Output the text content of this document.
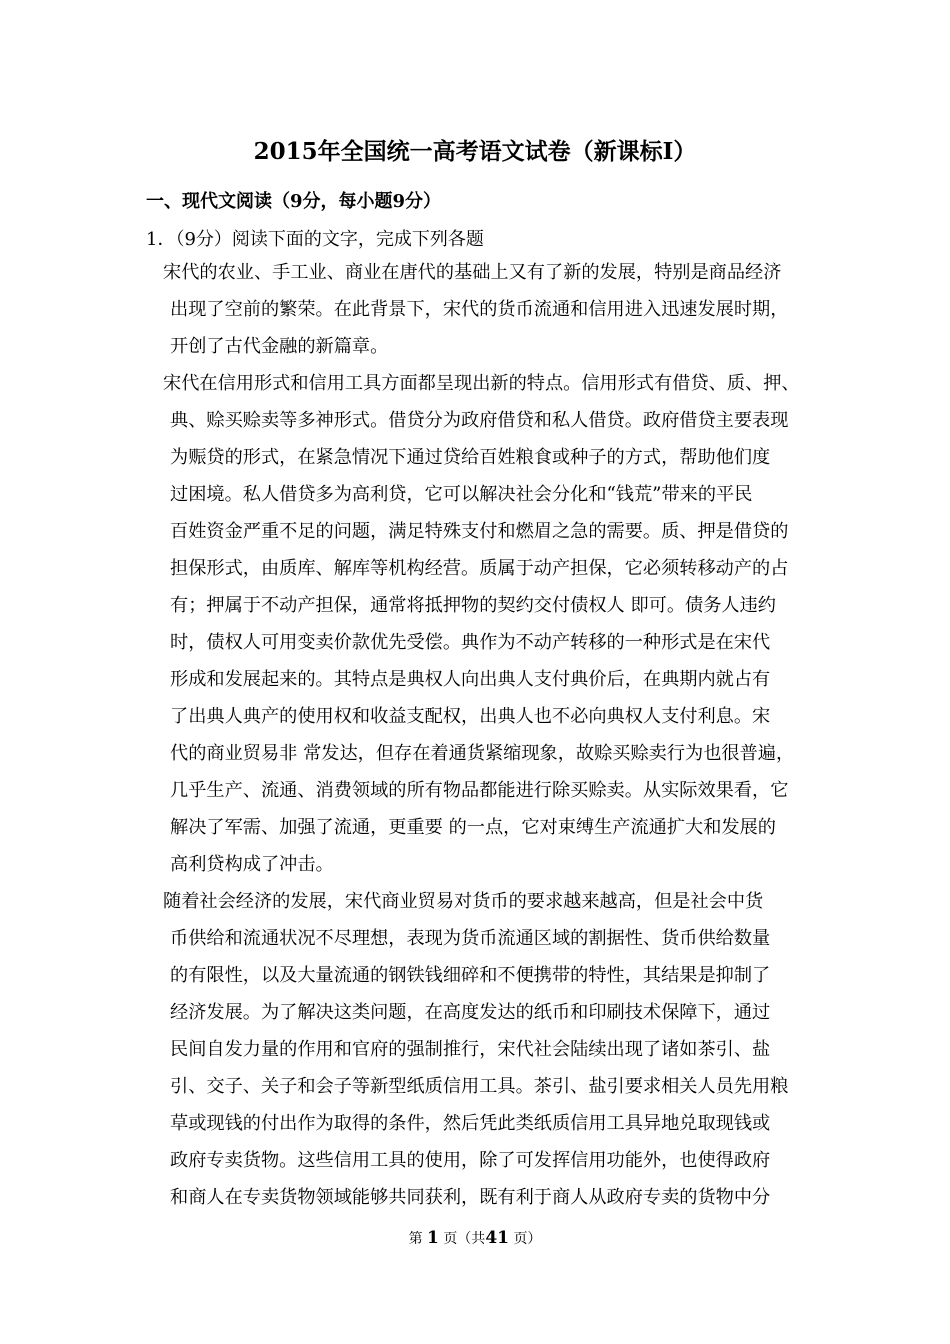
2015年全国统一高考语文试卷（新课标Ⅰ）
一、现代文阅读（9分，每小题9分）
1．（9分）阅读下面的文字，完成下列各题
宋代的农业、手工业、商业在唐代的基础上又有了新的发展，特别是商品经济
出现了空前的繁荣。在此背景下，宋代的货币流通和信用进入迅速发展时期，
开创了古代金融的新篇章。
宋代在信用形式和信用工具方面都呈现出新的特点。信用形式有借贷、质、押、
典、赊买赊卖等多神形式。借贷分为政府借贷和私人借贷。政府借贷主要表现
为赈贷的形式，在紧急情况下通过贷给百姓粮食或种子的方式，帮助他们度
过困境。私人借贷多为高利贷，它可以解决社会分化和“钱荒”带来的平民
百姓资金严重不足的问题，满足特殊支付和燃眉之急的需要。质、押是借贷的
担保形式，由质库、解库等机构经营。质属于动产担保，它必须转移动产的占
有；押属于不动产担保，通常将抵押物的契约交付债权人 即可。债务人违约
时，债权人可用变卖价款优先受偿。典作为不动产转移的一种形式是在宋代
形成和发展起来的。其特点是典权人向出典人支付典价后，在典期内就占有
了出典人典产的使用权和收益支配权，出典人也不必向典权人支付利息。宋
代的商业贸易非 常发达，但存在着通货紧缩现象，故赊买赊卖行为也很普遍，
几乎生产、流通、消费领域的所有物品都能进行除买赊卖。从实际效果看，它
解决了军需、加强了流通，更重要 的一点，它对束缚生产流通扩大和发展的
高利贷构成了冲击。
随着社会经济的发展，宋代商业贸易对货币的要求越来越高，但是社会中货
币供给和流通状况不尽理想，表现为货币流通区域的割据性、货币供给数量
的有限性，以及大量流通的钢铁钱细碎和不便携带的特性，其结果是抑制了
经济发展。为了解决这类问题，在高度发达的纸币和印刷技术保障下，通过
民间自发力量的作用和官府的强制推行，宋代社会陆续出现了诸如茶引、盐
引、交子、关子和会子等新型纸质信用工具。茶引、盐引要求相关人员先用粮
草或现钱的付出作为取得的条件，然后凭此类纸质信用工具异地兑取现钱或
政府专卖货物。这些信用工具的使用，除了可发挥信用功能外，也使得政府
和商人在专卖货物领域能够共同获利，既有利于商人从政府专卖的货物中分
第 1 页（共41 页）
